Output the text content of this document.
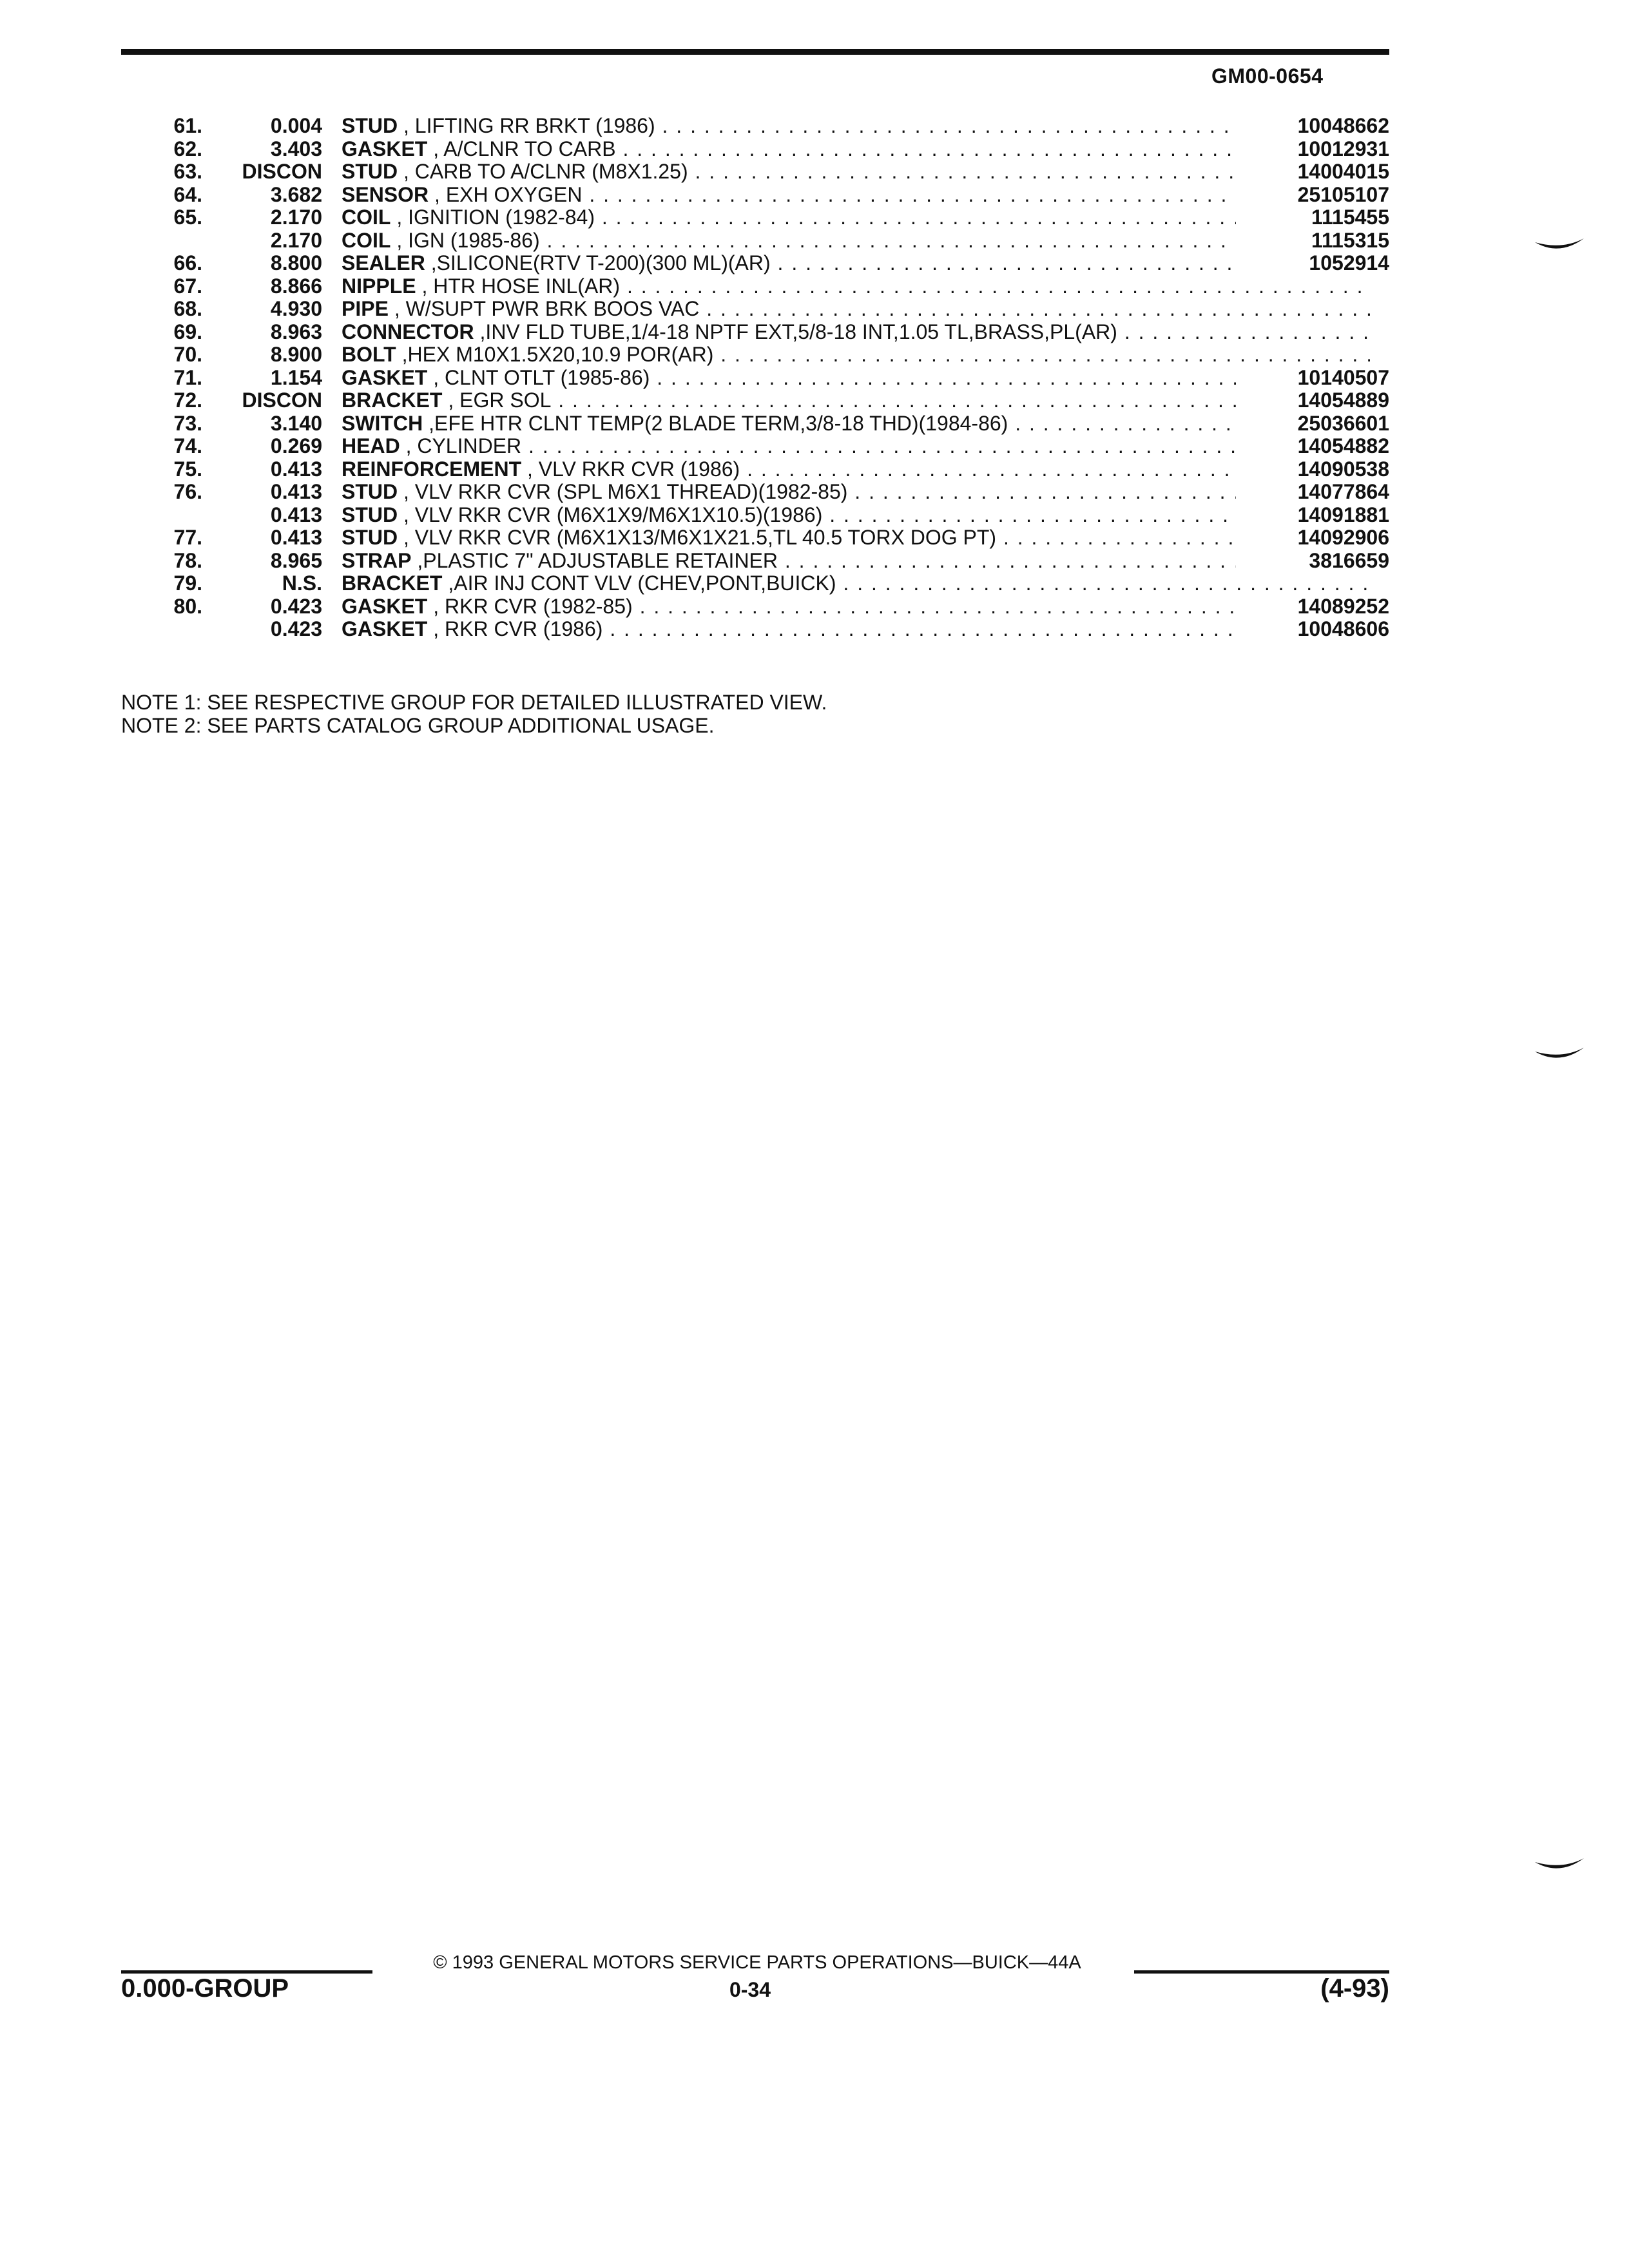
GM00-0654
61.	0.004 STUD , LIFTING RR BRKT (1986) . . .	10048662
62.	3.403 GASKET , A/CLNR TO CARB . . .	10012931
63.	DISCON STUD , CARB TO A/CLNR (M8X1.25) . . .	14004015
64.	3.682 SENSOR , EXH OXYGEN . . .	25105107
65.	2.170 COIL , IGNITION (1982-84) . . .	1115455
2.170 COIL , IGN (1985-86) . . .	1115315
66.	8.800 SEALER ,SILICONE(RTV T-200)(300 ML)(AR) . . .	1052914
67.	8.866 NIPPLE , HTR HOSE INL(AR) . . .
68.	4.930 PIPE , W/SUPT PWR BRK BOOS VAC . . .
69.	8.963 CONNECTOR ,INV FLD TUBE,1/4-18 NPTF EXT,5/8-18 INT,1.05 TL,BRASS,PL(AR) . . .
70.	8.900 BOLT ,HEX M10X1.5X20,10.9 POR(AR) . . .
71.	1.154 GASKET , CLNT OTLT (1985-86) . . .	10140507
72.	DISCON BRACKET , EGR SOL . . .	14054889
73.	3.140 SWITCH ,EFE HTR CLNT TEMP(2 BLADE TERM,3/8-18 THD)(1984-86) . . .	25036601
74.	0.269 HEAD , CYLINDER . . .	14054882
75.	0.413 REINFORCEMENT , VLV RKR CVR (1986) . . .	14090538
76.	0.413 STUD , VLV RKR CVR (SPL M6X1 THREAD)(1982-85) . . .	14077864
0.413 STUD , VLV RKR CVR (M6X1X9/M6X1X10.5)(1986) . . .	14091881
77.	0.413 STUD , VLV RKR CVR (M6X1X13/M6X1X21.5,TL 40.5 TORX DOG PT) . . .	14092906
78.	8.965 STRAP ,PLASTIC 7" ADJUSTABLE RETAINER . . .	3816659
79.	N.S. BRACKET ,AIR INJ CONT VLV (CHEV,PONT,BUICK) . . .
80.	0.423 GASKET , RKR CVR (1982-85) . . .	14089252
0.423 GASKET , RKR CVR (1986) . . .	10048606
NOTE 1: SEE RESPECTIVE GROUP FOR DETAILED ILLUSTRATED VIEW.
NOTE 2: SEE PARTS CATALOG GROUP ADDITIONAL USAGE.
© 1993 GENERAL MOTORS SERVICE PARTS OPERATIONS—BUICK—44A
0.000-GROUP	0-34	(4-93)
